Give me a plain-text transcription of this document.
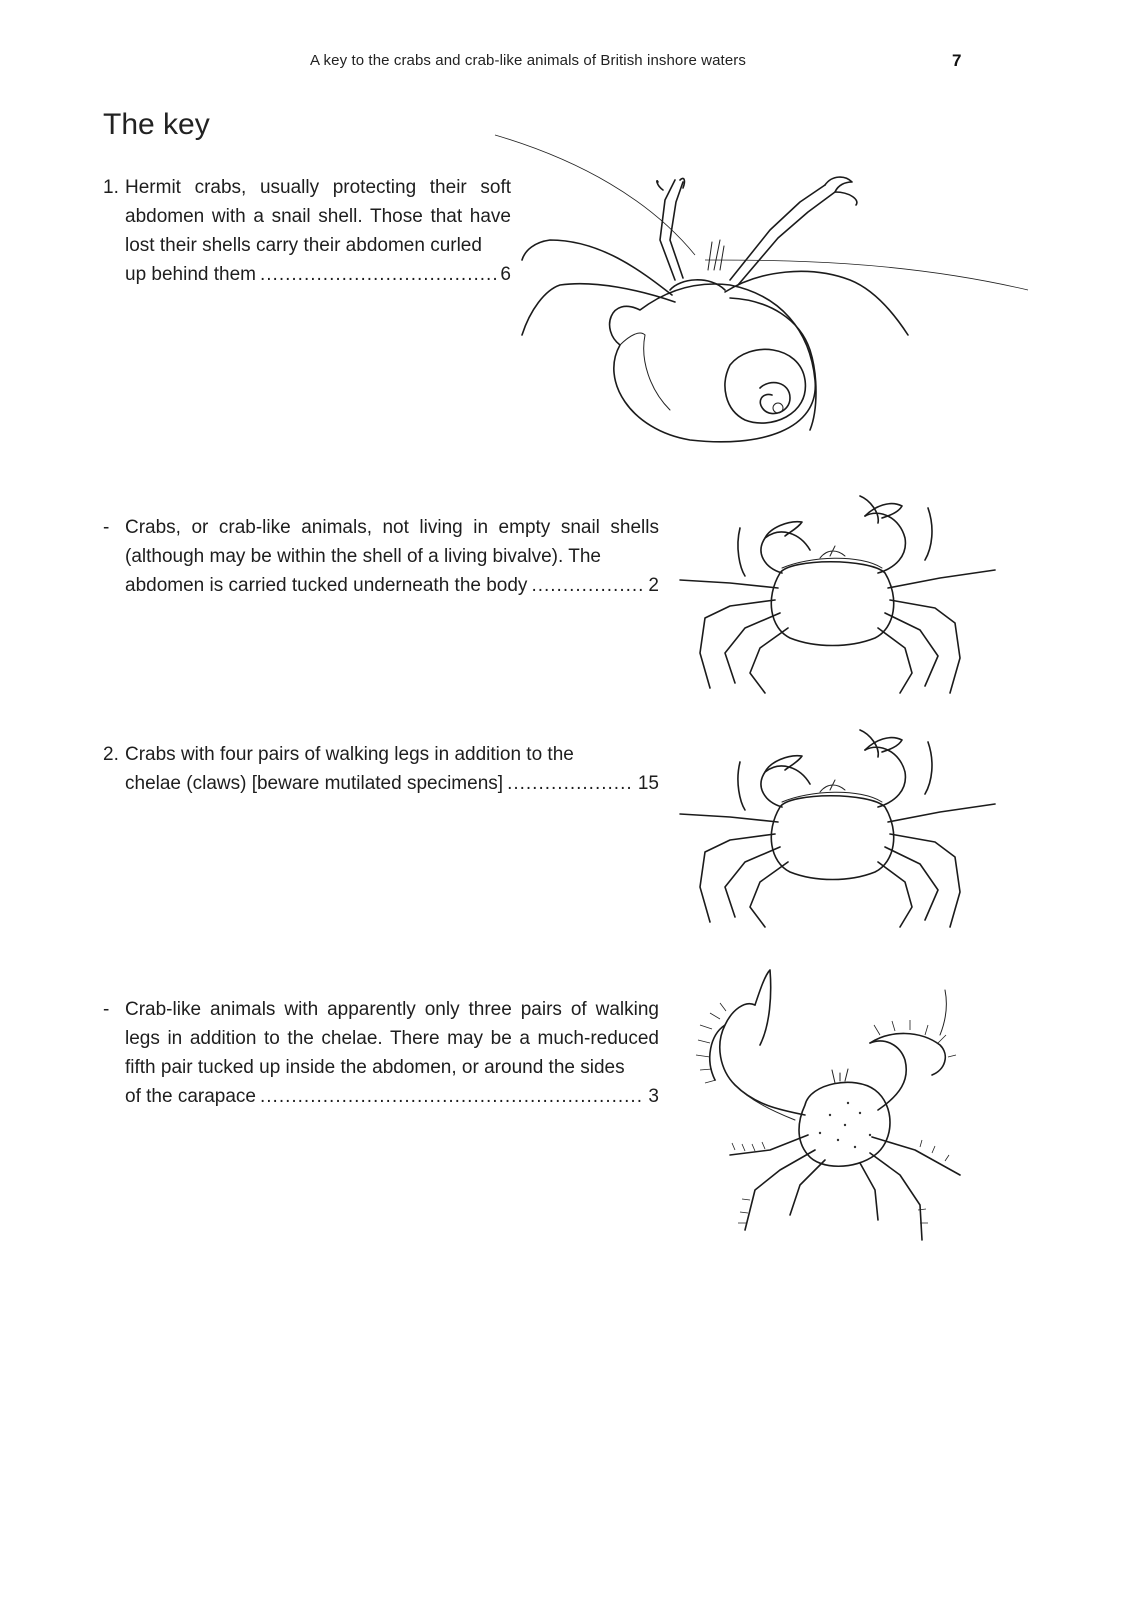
A key to the crabs and crab-like animals of British inshore waters	7
The key
1. Hermit crabs, usually protecting their soft abdomen with a snail shell. Those that have lost their shells carry their abdomen curled

up behind them .....	6
- Crabs, or crab-like animals, not living in empty snail shells (although may be within the shell of a living bivalve). The

abdomen is carried tucked underneath the body .....	2
2. Crabs with four pairs of walking legs in addition to the

chelae (claws) [beware mutilated specimens] .....	15
- Crab-like animals with apparently only three pairs of walking legs in addition to the chelae. There may be a much-reduced fifth pair tucked up inside the abdomen, or around the sides

of the carapace .....	3
